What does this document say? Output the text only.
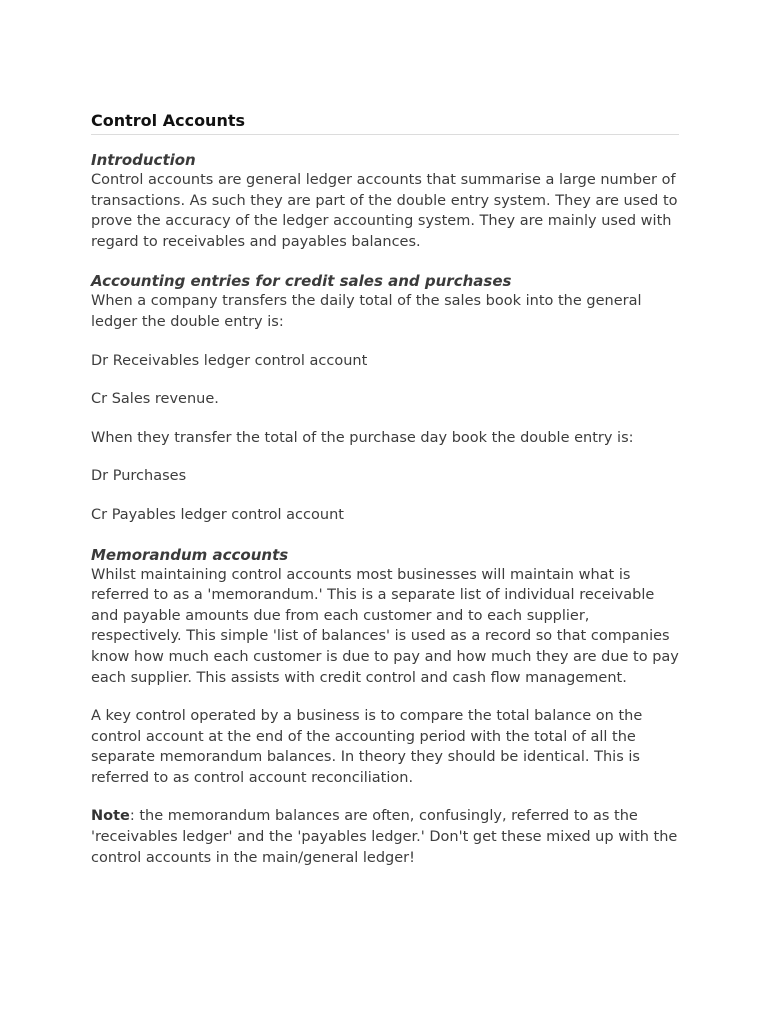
Control Accounts
Introduction

Control accounts are general ledger accounts that summarise a large number of transactions. As such they are part of the double entry system. They are used to prove the accuracy of the ledger accounting system. They are mainly used with regard to receivables and payables balances.

Accounting entries for credit sales and purchases

When a company transfers the daily total of the sales book into the general ledger the double entry is:

Dr Receivables ledger control account

Cr Sales revenue.

When they transfer the total of the purchase day book the double entry is:

Dr Purchases

Cr Payables ledger control account

Memorandum accounts

Whilst maintaining control accounts most businesses will maintain what is referred to as a 'memorandum.' This is a separate list of individual receivable and payable amounts due from each customer and to each supplier, respectively. This simple 'list of balances' is used as a record so that companies know how much each customer is due to pay and how much they are due to pay each supplier. This assists with credit control and cash flow management.

A key control operated by a business is to compare the total balance on the control account at the end of the accounting period with the total of all the separate memorandum balances. In theory they should be identical. This is referred to as control account reconciliation.

Note: the memorandum balances are often, confusingly, referred to as the 'receivables ledger' and the 'payables ledger.' Don't get these mixed up with the control accounts in the main/general ledger!
